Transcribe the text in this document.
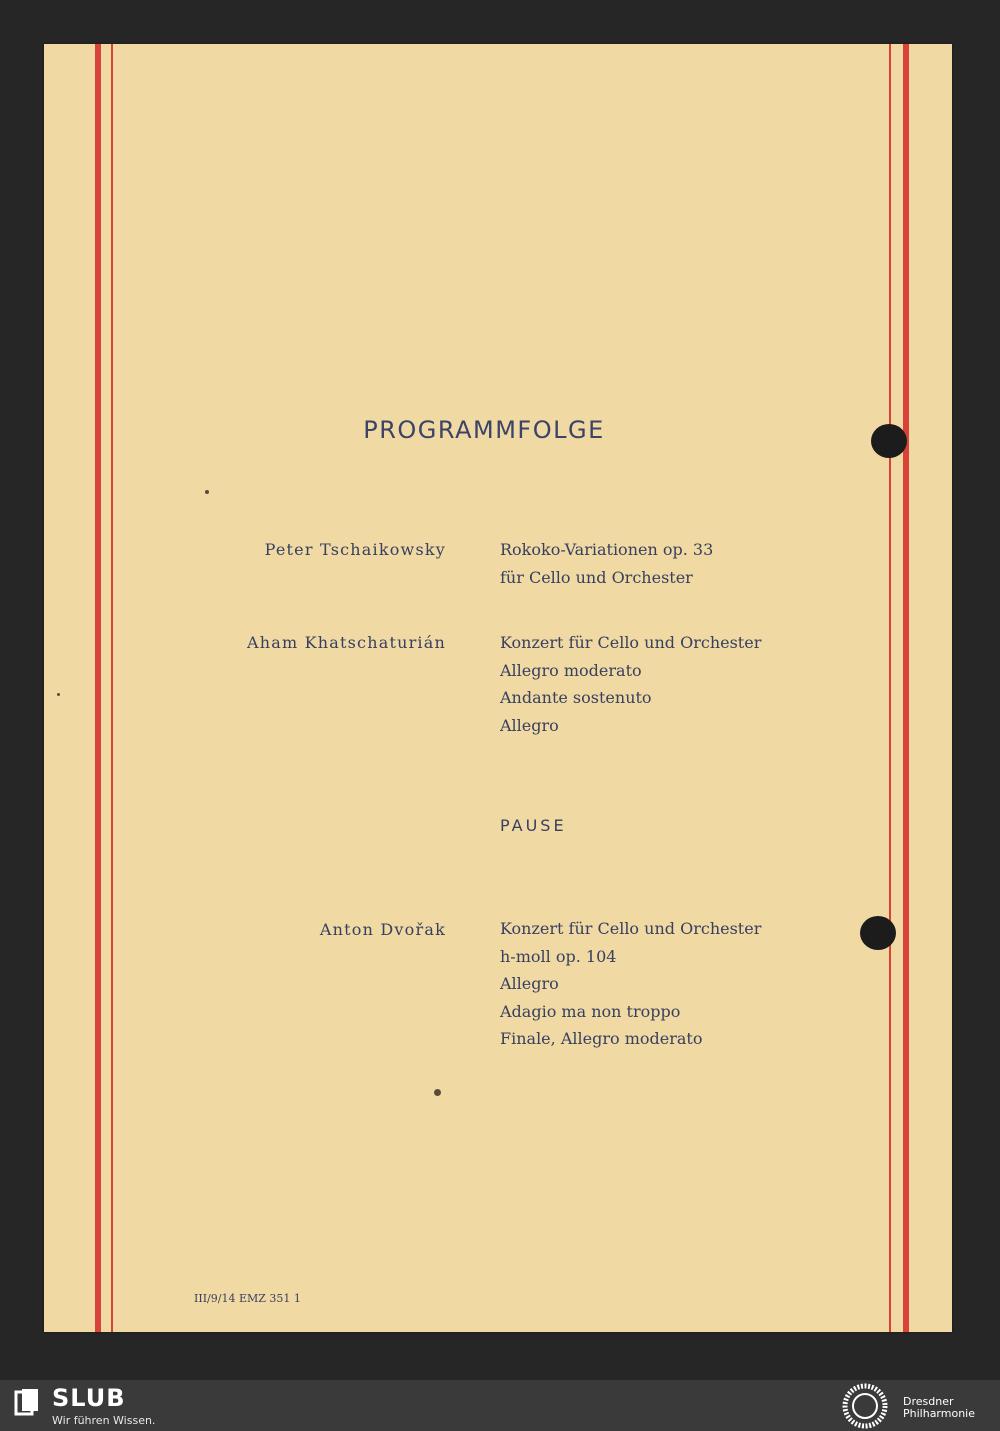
PROGRAMMFOLGE
Peter Tschaikowsky	Rokoko-Variationen op. 33
für Cello und Orchester
Aham Khatschaturián	Konzert für Cello und Orchester
Allegro moderato
Andante sostenuto
Allegro
PAUSE
Anton Dvořak	Konzert für Cello und Orchester
h-moll op. 104
Allegro
Adagio ma non troppo
Finale, Allegro moderato
III/9/14 EMZ 351 1
SLUB
Wir führen Wissen.
Dresdner
Philharmonie
